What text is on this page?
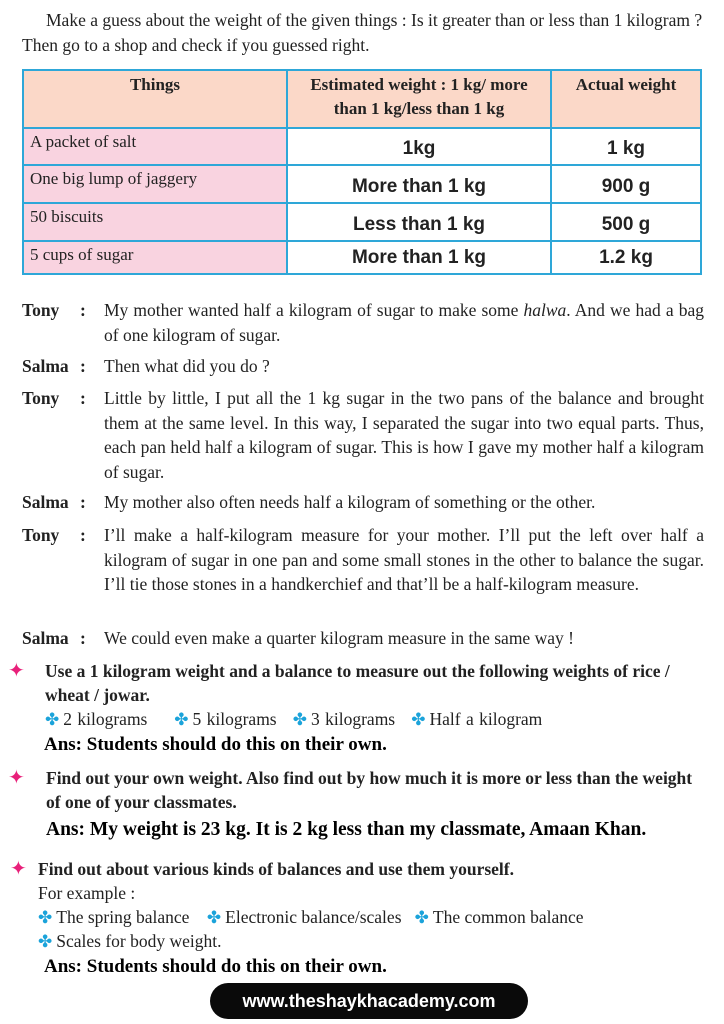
Make a guess about the weight of the given things : Is it greater than or less than 1 kilogram ? Then go to a shop and check if you guessed right.
Things	Estimated weight : 1 kg/ more than 1 kg/less than 1 kg	Actual weight
A packet of salt	1kg	1 kg
One big lump of jaggery	More than 1 kg	900 g
50 biscuits	Less than 1 kg	500 g
5 cups of sugar	More than 1 kg	1.2 kg
Tony	:	My mother wanted half a kilogram of sugar to make some halwa. And we had a bag of one kilogram of sugar.
Salma :	Then what did you do ?
Tony	:	Little by little, I put all the 1 kg sugar in the two pans of the balance and brought them at the same level. In this way, I separated the sugar into two equal parts. Thus, each pan held half a kilogram of sugar. This is how I gave my mother half a kilogram of sugar.
Salma :	My mother also often needs half a kilogram of something or the other.
Tony	:	I’ll make a half-kilogram measure for your mother. I’ll put the left over half a kilogram of sugar in one pan and some small stones in the other to balance the sugar. I’ll tie those stones in a handkerchief and that’ll be a half-kilogram measure.
Salma :	We could even make a quarter kilogram measure in the same way !
✦ Use a 1 kilogram weight and a balance to measure out the following weights of rice / wheat / jowar.
✤ 2 kilograms ✤ 5 kilograms ✤ 3 kilograms ✤ Half a kilogram
Ans: Students should do this on their own.
✦ Find out your own weight. Also find out by how much it is more or less than the weight of one of your classmates.
Ans: My weight is 23 kg. It is 2 kg less than my classmate, Amaan Khan.
✦ Find out about various kinds of balances and use them yourself.
For example :
✤ The spring balance ✤ Electronic balance/scales ✤ The common balance
✤ Scales for body weight.
Ans: Students should do this on their own.
www.theshaykhacademy.com
